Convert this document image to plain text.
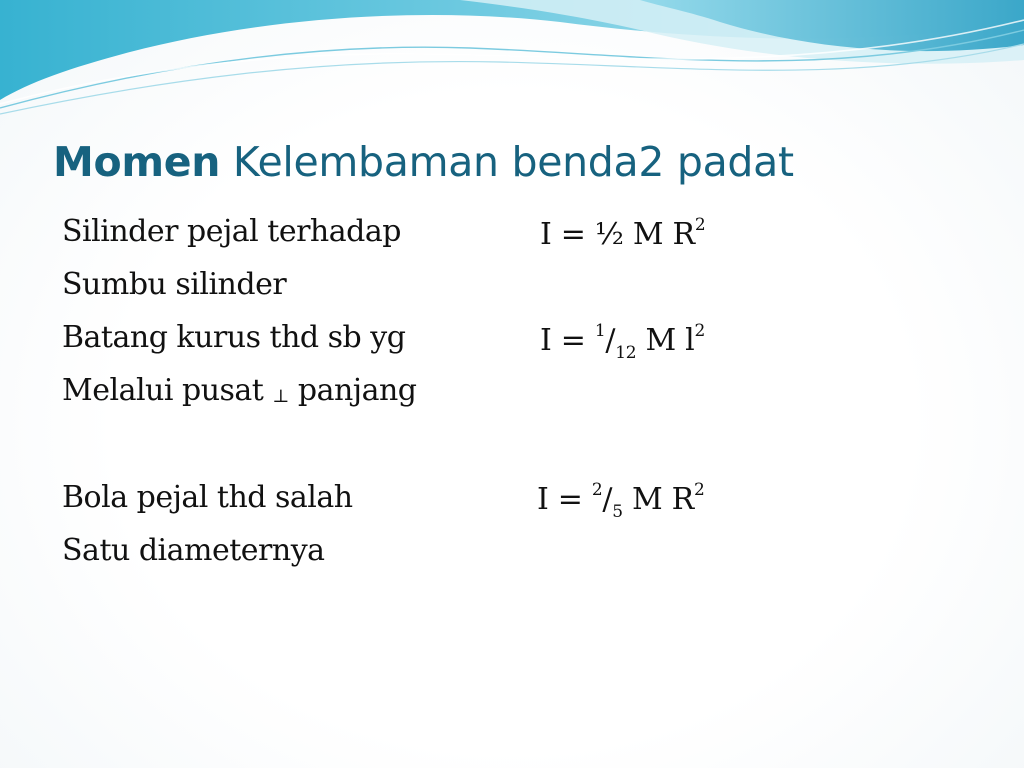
Momen Kelembaman benda2 padat
Silinder pejal terhadap
Sumbu silinder
I = ½ M $R^2$
Batang kurus thd sb yg
Melalui pusat ⊥ panjang
$I = ^1/_{12}$ M $l^2$
Bola pejal thd salah
Satu diameternya
$I = ^2/_5$ M $R^2$
